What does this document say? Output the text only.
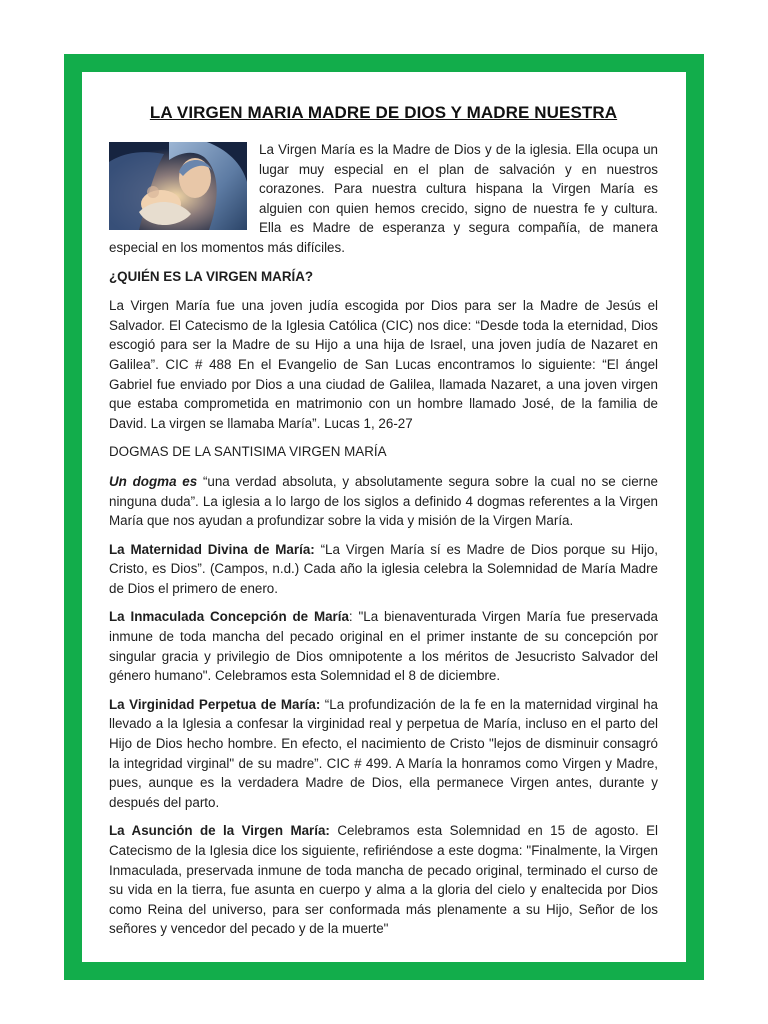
LA VIRGEN MARIA MADRE DE DIOS Y MADRE NUESTRA

La Virgen María es la Madre de Dios y de la iglesia. Ella ocupa un lugar muy especial en el plan de salvación y en nuestros corazones. Para nuestra cultura hispana la Virgen María es alguien con quien hemos crecido, signo de nuestra fe y cultura. Ella es Madre de esperanza y segura compañía, de manera especial en los momentos más difíciles.

¿QUIÉN ES LA VIRGEN MARÍA?

La Virgen María fue una joven judía escogida por Dios para ser la Madre de Jesús el Salvador. El Catecismo de la Iglesia Católica (CIC) nos dice: “Desde toda la eternidad, Dios escogió para ser la Madre de su Hijo a una hija de Israel, una joven judía de Nazaret en Galilea”. CIC # 488 En el Evangelio de San Lucas encontramos lo siguiente: “El ángel Gabriel fue enviado por Dios a una ciudad de Galilea, llamada Nazaret, a una joven virgen que estaba comprometida en matrimonio con un hombre llamado José, de la familia de David. La virgen se llamaba María”. Lucas 1, 26-27

DOGMAS DE LA SANTISIMA VIRGEN MARÍA

Un dogma es “una verdad absoluta, y absolutamente segura sobre la cual no se cierne ninguna duda”. La iglesia a lo largo de los siglos a definido 4 dogmas referentes a la Virgen María que nos ayudan a profundizar sobre la vida y misión de la Virgen María.

La Maternidad Divina de María: “La Virgen María sí es Madre de Dios porque su Hijo, Cristo, es Dios”. (Campos, n.d.) Cada año la iglesia celebra la Solemnidad de María Madre de Dios el primero de enero.

La Inmaculada Concepción de María: "La bienaventurada Virgen María fue preservada inmune de toda mancha del pecado original en el primer instante de su concepción por singular gracia y privilegio de Dios omnipotente a los méritos de Jesucristo Salvador del género humano". Celebramos esta Solemnidad el 8 de diciembre.

La Virginidad Perpetua de María: “La profundización de la fe en la maternidad virginal ha llevado a la Iglesia a confesar la virginidad real y perpetua de María, incluso en el parto del Hijo de Dios hecho hombre. En efecto, el nacimiento de Cristo "lejos de disminuir consagró la integridad virginal" de su madre”. CIC # 499. A María la honramos como Virgen y Madre, pues, aunque es la verdadera Madre de Dios, ella permanece Virgen antes, durante y después del parto.

La Asunción de la Virgen María: Celebramos esta Solemnidad en 15 de agosto. El Catecismo de la Iglesia dice los siguiente, refiriéndose a este dogma: "Finalmente, la Virgen Inmaculada, preservada inmune de toda mancha de pecado original, terminado el curso de su vida en la tierra, fue asunta en cuerpo y alma a la gloria del cielo y enaltecida por Dios como Reina del universo, para ser conformada más plenamente a su Hijo, Señor de los señores y vencedor del pecado y de la muerte"
